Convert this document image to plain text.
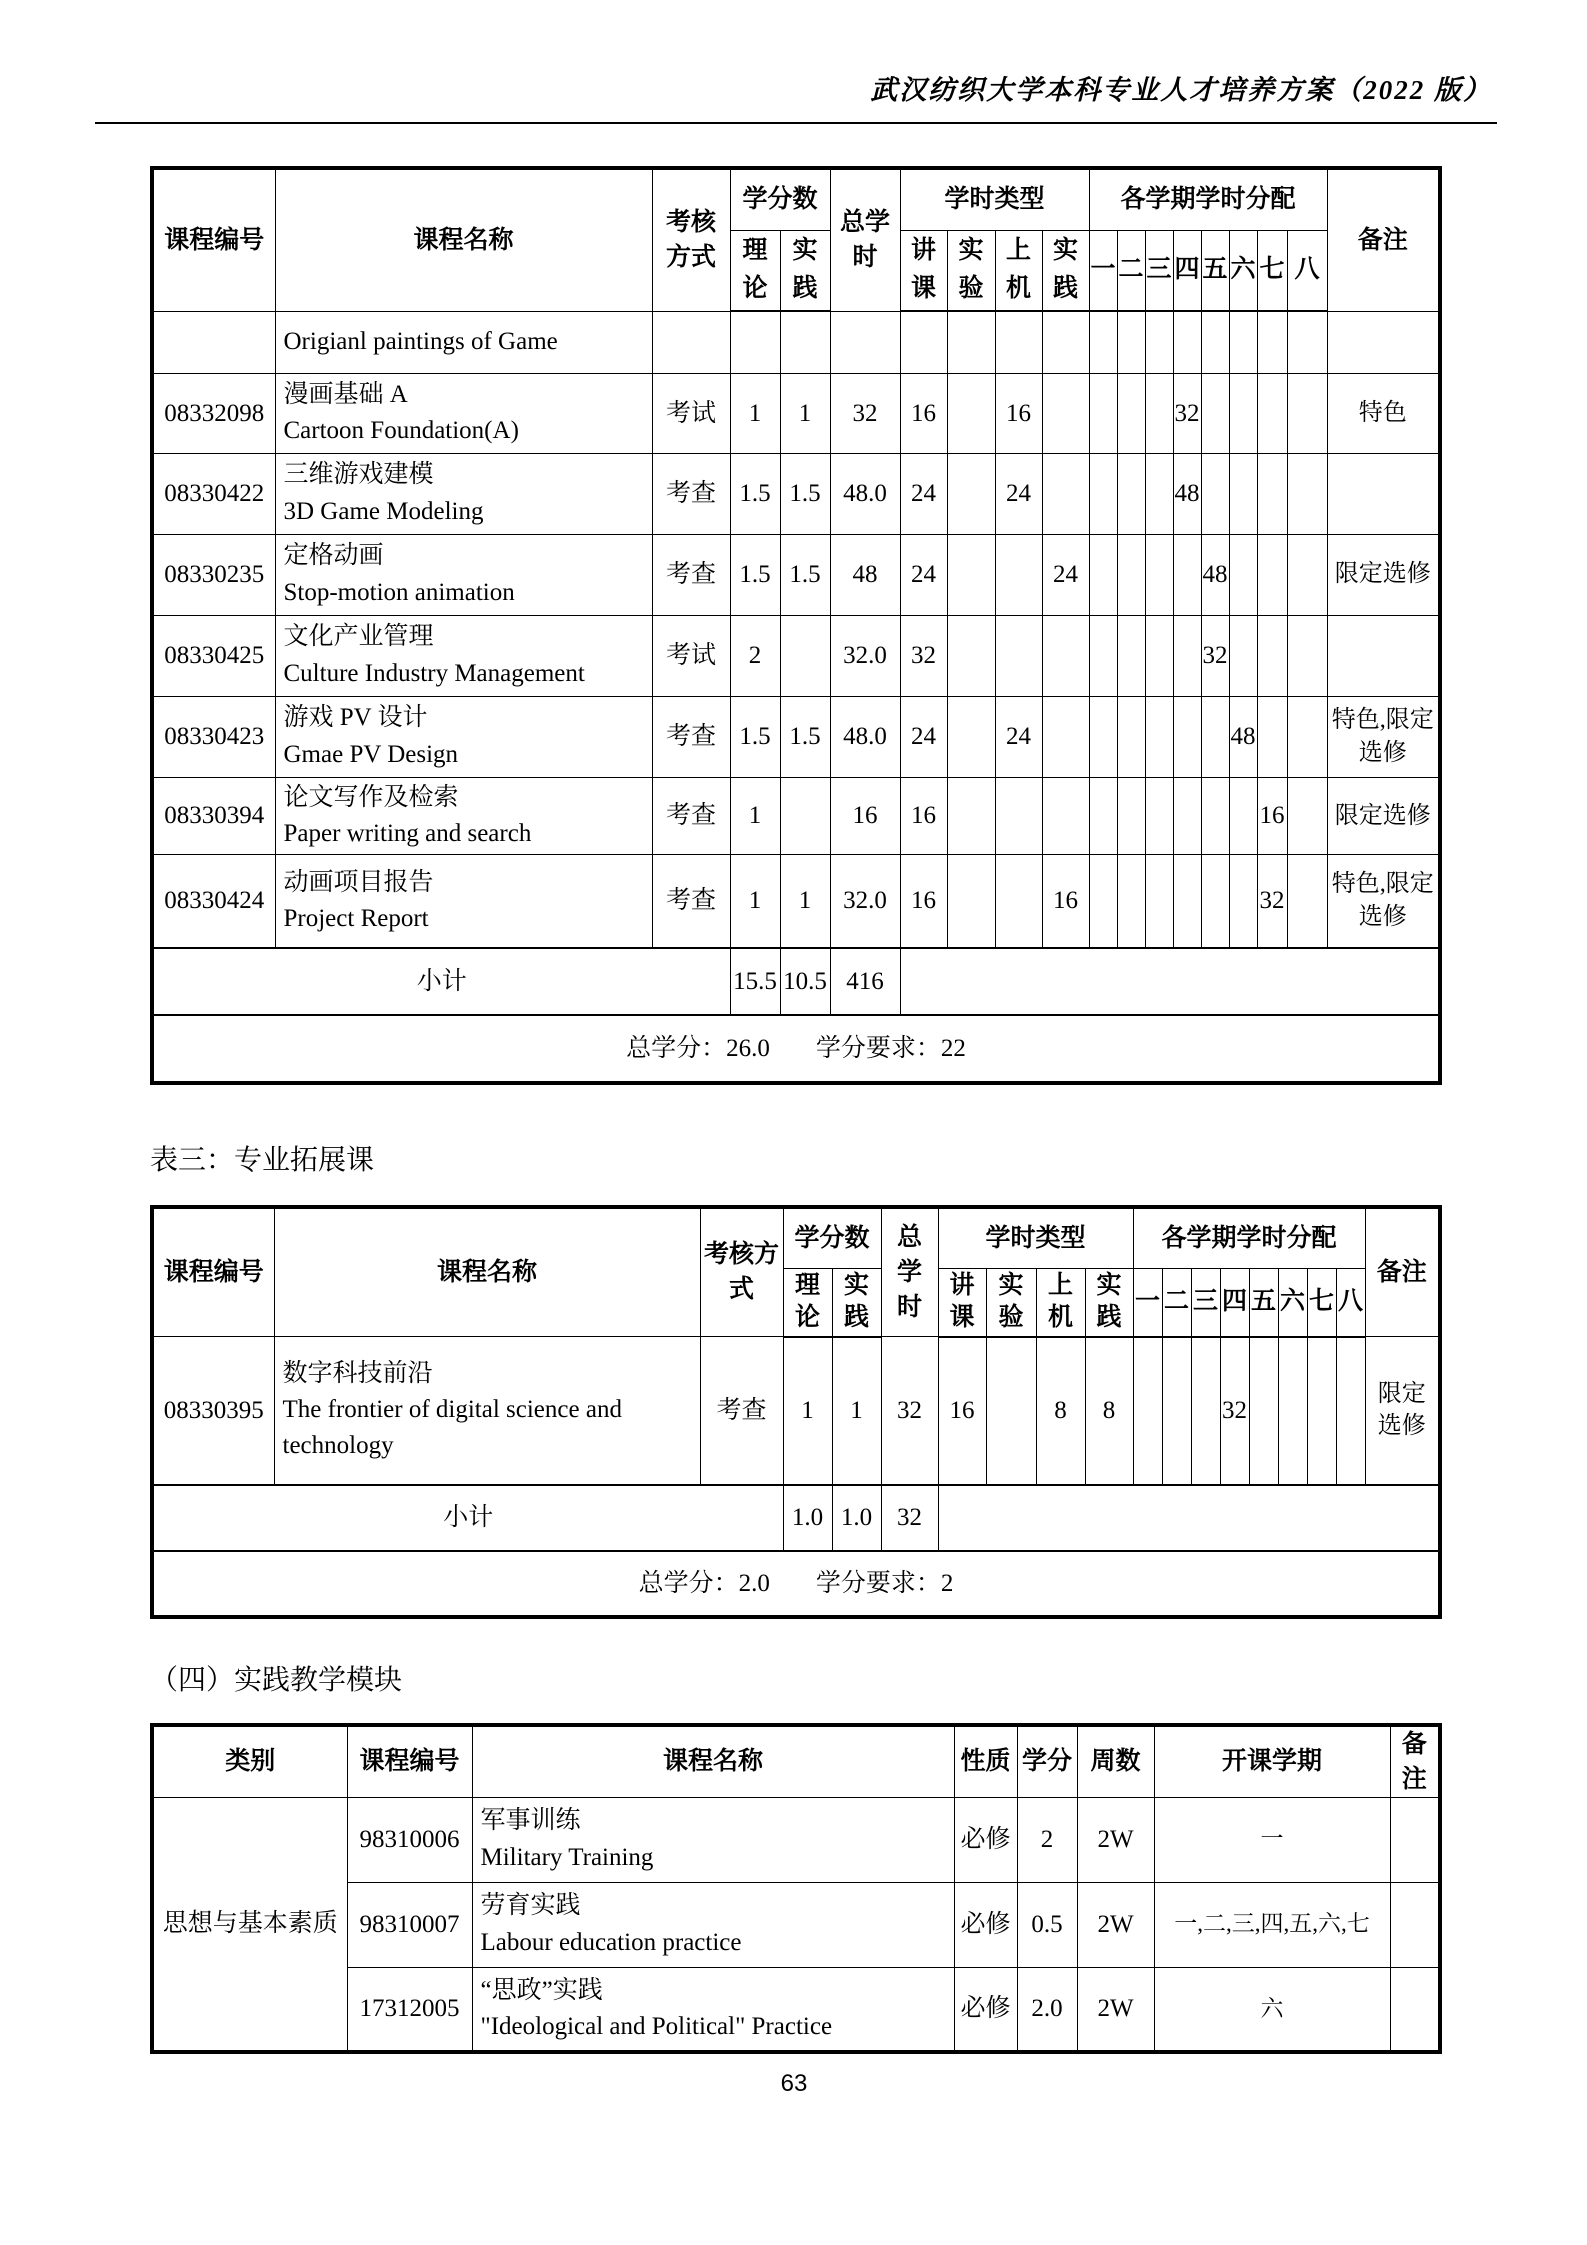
武汉纺织大学本科专业人才培养方案（2022 版）
课程编号	课程名称	考核方式	学分数		总学时	学时类型				各学期学时分配								备注
			理论	实践		讲课	实验	上机	实践	一	二	三	四	五	六	七	八	

	Origianl paintings of Game																	

08332098	漫画基础 A
Cartoon Foundation(A)	考试	1	1	32	16		16					32					特色
08330422	三维游戏建模
3D Game Modeling	考查	1.5	1.5	48.0	24		24					48					
08330235	定格动画
Stop-motion animation	考查	1.5	1.5	48	24			24					48				限定选修
08330425	文化产业管理
Culture Industry Management	考试	2		32.0	32								32				
08330423	游戏 PV 设计
Gmae PV Design	考查	1.5	1.5	48.0	24		24							48			特色,限定选修
08330394	论文写作及检索
Paper writing and search	考查	1		16	16										16		限定选修
08330424	动画项目报告
Project Report	考查	1	1	32.0	16			16							32		特色,限定选修
小计			15.5	10.5	416													
总学分：26.0 学分要求：22																		
表三：专业拓展课
课程编号	课程名称	考核方式	学分数		总学时	学时类型				各学期学时分配								备注
			理论	实践		讲课	实验	上机	实践	一	二	三	四	五	六	七	八	
08330395	数字科技前沿
The frontier of digital science and technology	考查	1	1	32	16		8	8				32					限定选修
小计			1.0	1.0	32													
总学分：2.0 学分要求：2																		
（四）实践教学模块
类别	课程编号	课程名称	性质	学分	周数	开课学期	备注
思想与基本素质	98310006	军事训练
Military Training	必修	2	2W	一	
	98310007	劳育实践
Labour education practice	必修	0.5	2W	一,二,三,四,五,六,七	
	17312005	“思政”实践
"Ideological and Political" Practice	必修	2.0	2W	六	
63
